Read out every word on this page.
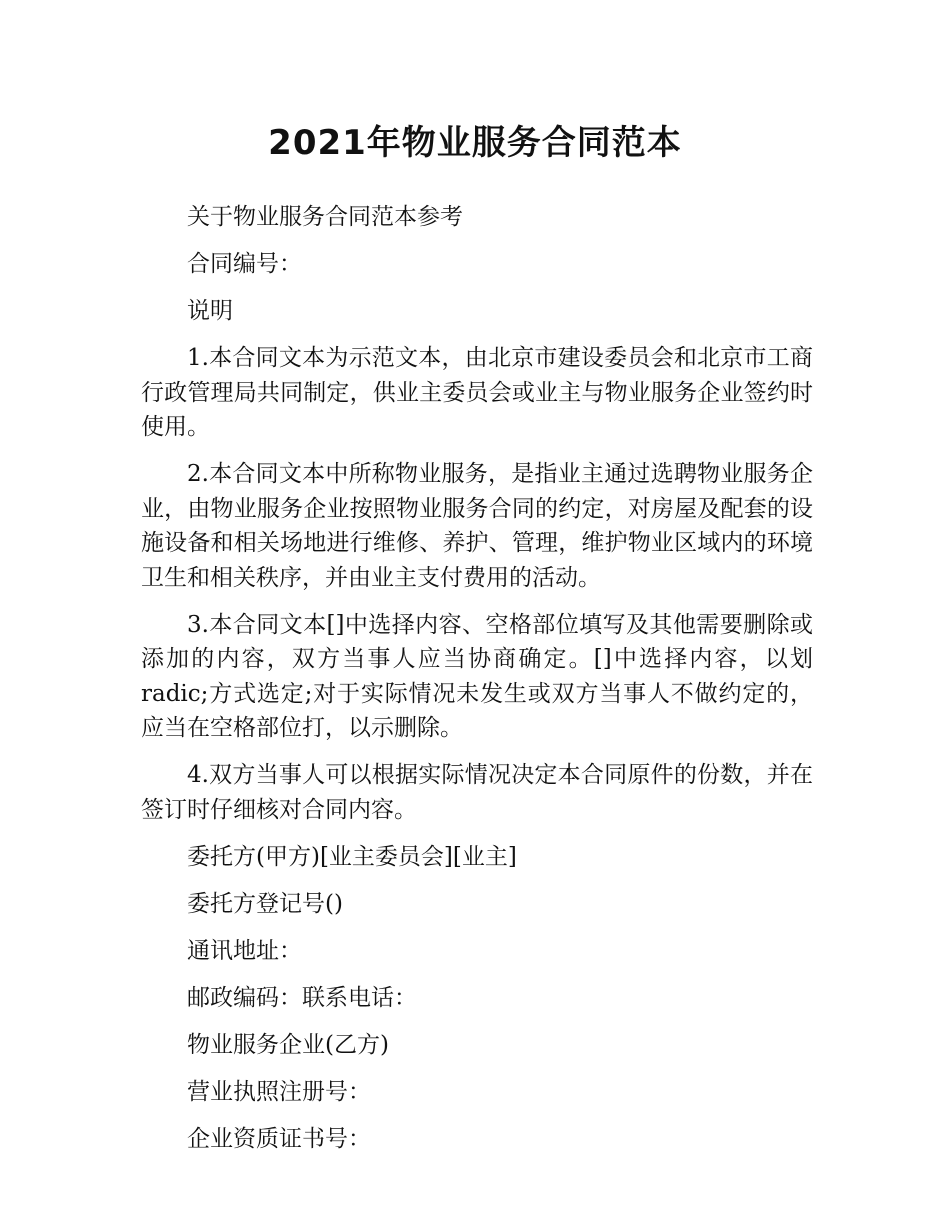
2021年物业服务合同范本

关于物业服务合同范本参考

合同编号：

说明

1.本合同文本为示范文本，由北京市建设委员会和北京市工商行政管理局共同制定，供业主委员会或业主与物业服务企业签约时使用。

2.本合同文本中所称物业服务，是指业主通过选聘物业服务企业，由物业服务企业按照物业服务合同的约定，对房屋及配套的设施设备和相关场地进行维修、养护、管理，维护物业区域内的环境卫生和相关秩序，并由业主支付费用的活动。

3.本合同文本[]中选择内容、空格部位填写及其他需要删除或添加的内容，双方当事人应当协商确定。[]中选择内容，以划radic;方式选定;对于实际情况未发生或双方当事人不做约定的，应当在空格部位打，以示删除。

4.双方当事人可以根据实际情况决定本合同原件的份数，并在签订时仔细核对合同内容。

委托方(甲方)[业主委员会][业主]

委托方登记号()

通讯地址：

邮政编码：联系电话：

物业服务企业(乙方)

营业执照注册号：

企业资质证书号：
